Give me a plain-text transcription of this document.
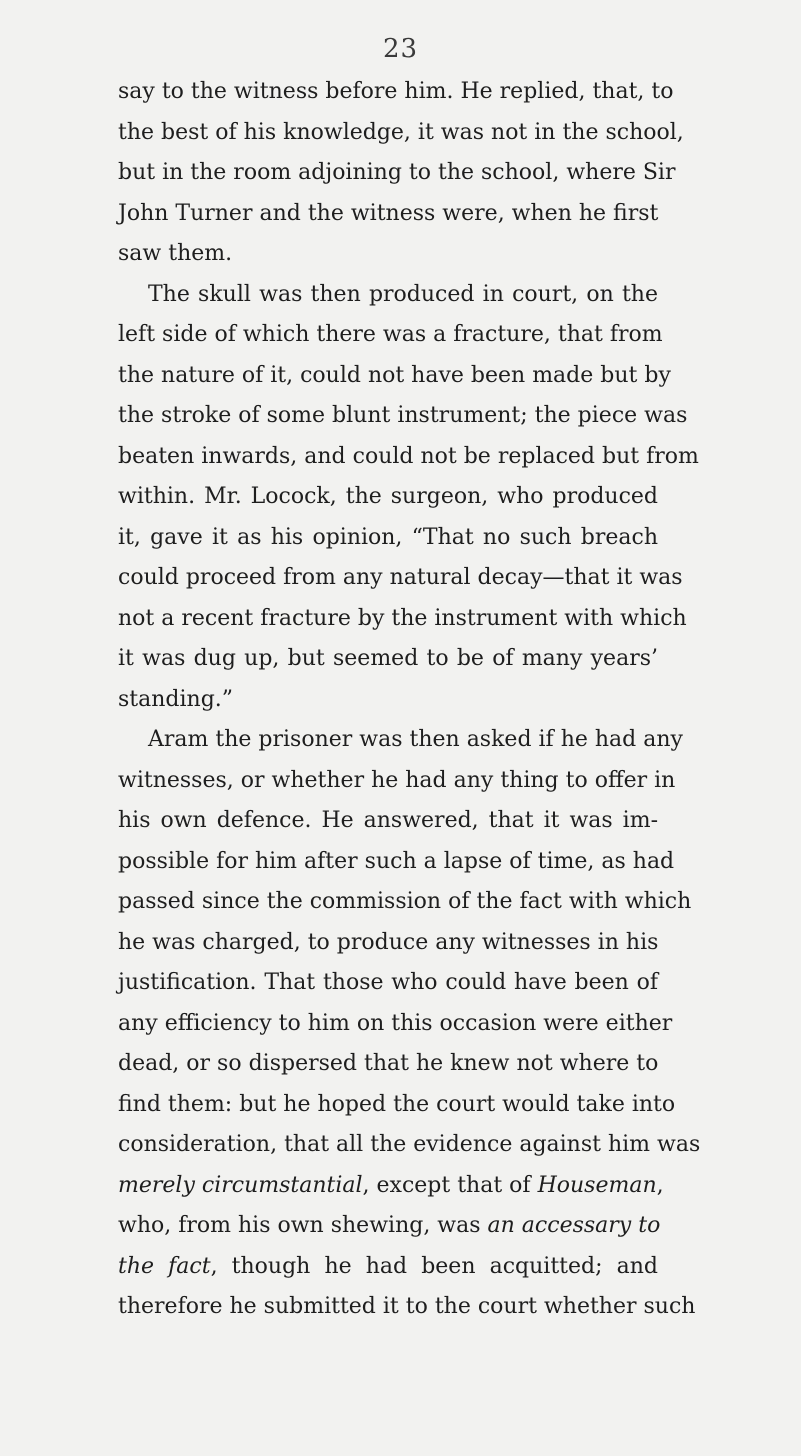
23
say to the witness before him. He replied, that, to
the best of his knowledge, it was not in the school,
but in the room adjoining to the school, where Sir
John Turner and the witness were, when he first
saw them.
The skull was then produced in court, on the
left side of which there was a fracture, that from
the nature of it, could not have been made but by
the stroke of some blunt instrument; the piece was
beaten inwards, and could not be replaced but from
within. Mr. Locock, the surgeon, who produced
it, gave it as his opinion, “That no such breach
could proceed from any natural decay—that it was
not a recent fracture by the instrument with which
it was dug up, but seemed to be of many years’
standing.”
Aram the prisoner was then asked if he had any
witnesses, or whether he had any thing to offer in
his own defence. He answered, that it was im-
possible for him after such a lapse of time, as had
passed since the commission of the fact with which
he was charged, to produce any witnesses in his
justification. That those who could have been of
any efficiency to him on this occasion were either
dead, or so dispersed that he knew not where to
find them: but he hoped the court would take into
consideration, that all the evidence against him was
merely circumstantial, except that of Houseman,
who, from his own shewing, was an accessary to
the fact, though he had been acquitted; and
therefore he submitted it to the court whether such
